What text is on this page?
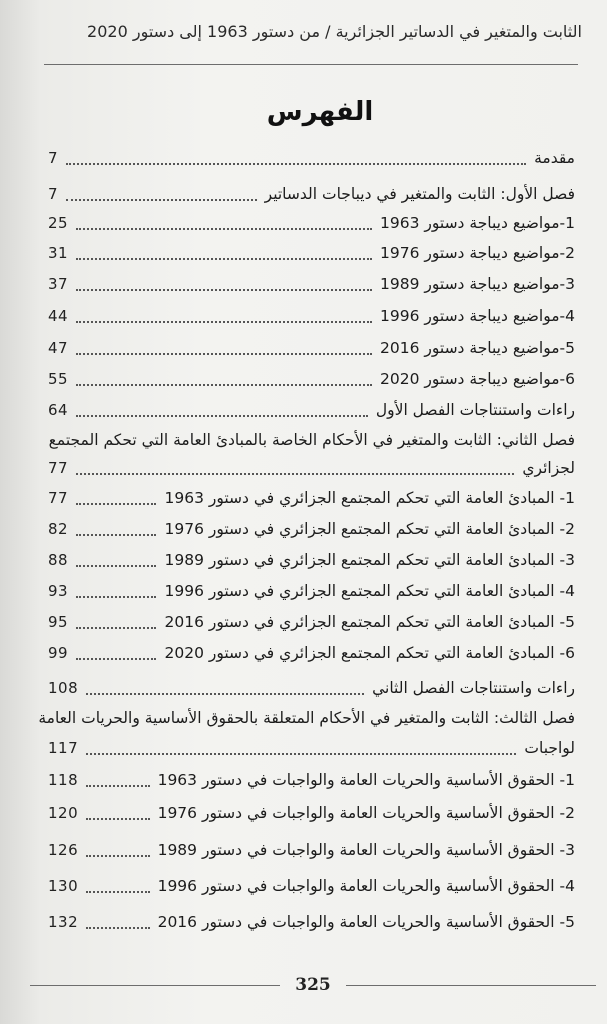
الثابت والمتغير في الدساتير الجزائرية / من دستور 1963 إلى دستور 2020
الفهرس
مقدمة
7
فصل الأول: الثابت والمتغير في ديباجات الدساتير
7
1-مواضيع ديباجة دستور 1963
25
2-مواضيع ديباجة دستور 1976
31
3-مواضيع ديباجة دستور 1989
37
4-مواضيع ديباجة دستور 1996
44
5-مواضيع ديباجة دستور 2016
47
6-مواضيع ديباجة دستور 2020
55
راءات واستنتاجات الفصل الأول
64
فصل الثاني: الثابت والمتغير في الأحكام الخاصة بالمبادئ العامة التي تحكم المجتمع
لجزائري
77
1- المبادئ العامة التي تحكم المجتمع الجزائري في دستور 1963
77
2- المبادئ العامة التي تحكم المجتمع الجزائري في دستور 1976
82
3- المبادئ العامة التي تحكم المجتمع الجزائري في دستور 1989
88
4- المبادئ العامة التي تحكم المجتمع الجزائري في دستور 1996
93
5- المبادئ العامة التي تحكم المجتمع الجزائري في دستور 2016
95
6- المبادئ العامة التي تحكم المجتمع الجزائري في دستور 2020
99
راءات واستنتاجات الفصل الثاني
108
فصل الثالث: الثابت والمتغير في الأحكام المتعلقة بالحقوق الأساسية والحريات العامة
لواجبات
117
1- الحقوق الأساسية والحريات العامة والواجبات في دستور 1963
118
2- الحقوق الأساسية والحريات العامة والواجبات في دستور 1976
120
3- الحقوق الأساسية والحريات العامة والواجبات في دستور 1989
126
4- الحقوق الأساسية والحريات العامة والواجبات في دستور 1996
130
5- الحقوق الأساسية والحريات العامة والواجبات في دستور 2016
132
325
